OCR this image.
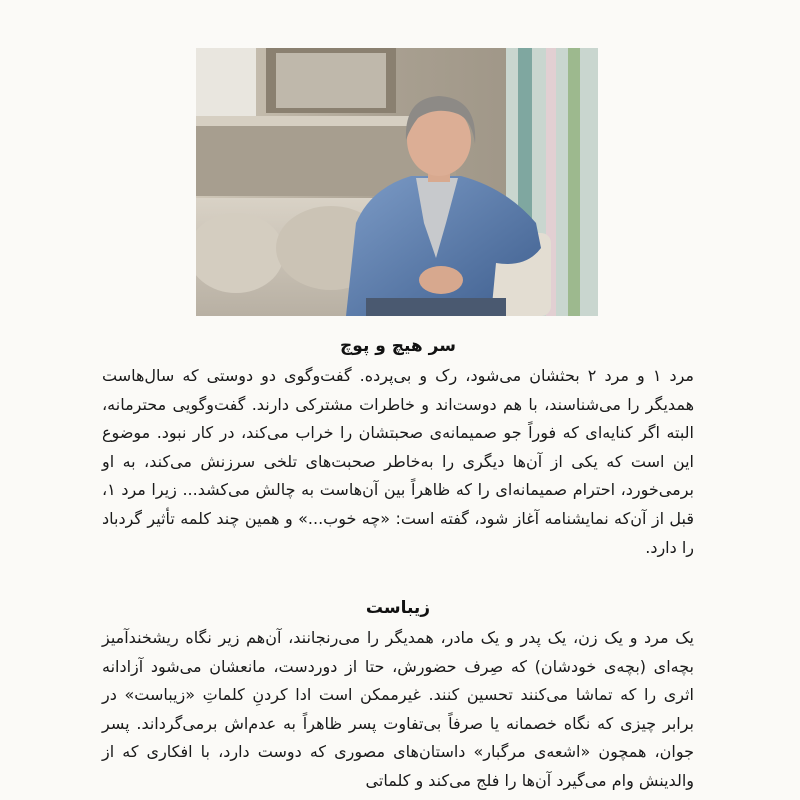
سر هیچ و پوچ

مرد ۱ و مرد ۲ بحثشان می‌شود، رک و بی‌پرده. گفت‌وگوی دو دوستی که سال‌هاست همدیگر را می‌شناسند، با هم دوست‌اند و خاطرات مشترکی دارند. گفت‌وگویی محترمانه، البته اگر کنایه‌ای که فوراً جو صمیمانه‌ی صحبتشان را خراب می‌کند، در کار نبود. موضوع این است که یکی از آن‌ها دیگری را به‌خاطر صحبت‌های تلخی سرزنش می‌کند، به او برمی‌خورد، احترام صمیمانه‌ای را که ظاهراً بین آن‌هاست به چالش می‌کشد... زیرا مرد ۱، قبل از آن‌که نمایشنامه آغاز شود، گفته است: «چه خوب...» و همین چند کلمه تأثیر گردباد را دارد.

زیباست

یک مرد و یک زن، یک پدر و یک مادر، همدیگر را می‌رنجانند، آن‌هم زیر نگاه ریشخندآمیز بچه‌ای (بچه‌ی خودشان) که صِرف حضورش، حتا از دوردست، مانعشان می‌شود آزادانه اثری را که تماشا می‌کنند تحسین کنند. غیرممکن است ادا کردنِ کلماتِ «زیباست» در برابر چیزی که نگاه خصمانه یا صرفاً بی‌تفاوت پسر ظاهراً به عدم‌اش برمی‌گرداند. پسر جوان، همچون «اشعه‌ی مرگبار» داستان‌های مصوری که دوست دارد، با افکاری که از والدینش وام می‌گیرد آن‌ها را فلج می‌کند و کلماتی
